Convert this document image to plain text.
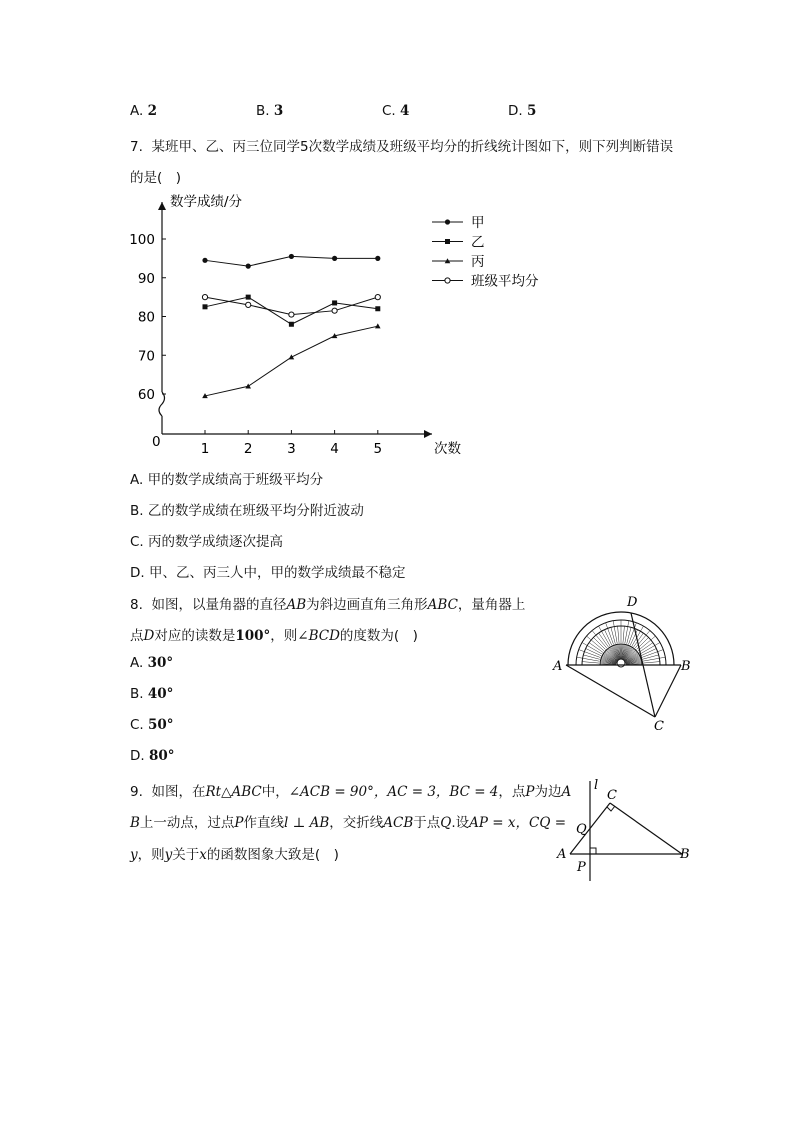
A. 2	B. 3	C. 4	D. 5
7. 某班甲、乙、丙三位同学5次数学成绩及班级平均分的折线统计图如下，则下列判断错误
的是(　)
数学成绩/分
次数
0
60
70
80
90
100
1	2	3	4	5
甲
乙
丙
班级平均分
A. 甲的数学成绩高于班级平均分
B. 乙的数学成绩在班级平均分附近波动
C. 丙的数学成绩逐次提高
D. 甲、乙、丙三人中，甲的数学成绩最不稳定
8. 如图，以量角器的直径AB为斜边画直角三角形ABC，量角器上
点D对应的读数是100°，则∠BCD的度数为(　)
A. 30°
B. 40°
C. 50°
D. 80°
A	B
C
D
9. 如图，在Rt△ABC中，∠ACB = 90°，AC = 3，BC = 4，点P为边A
B上一动点，过点P作直线l ⊥ AB，交折线ACB于点Q.设AP = x，CQ =
y，则y关于x的函数图象大致是(　)
l
C
Q
A
P
B
